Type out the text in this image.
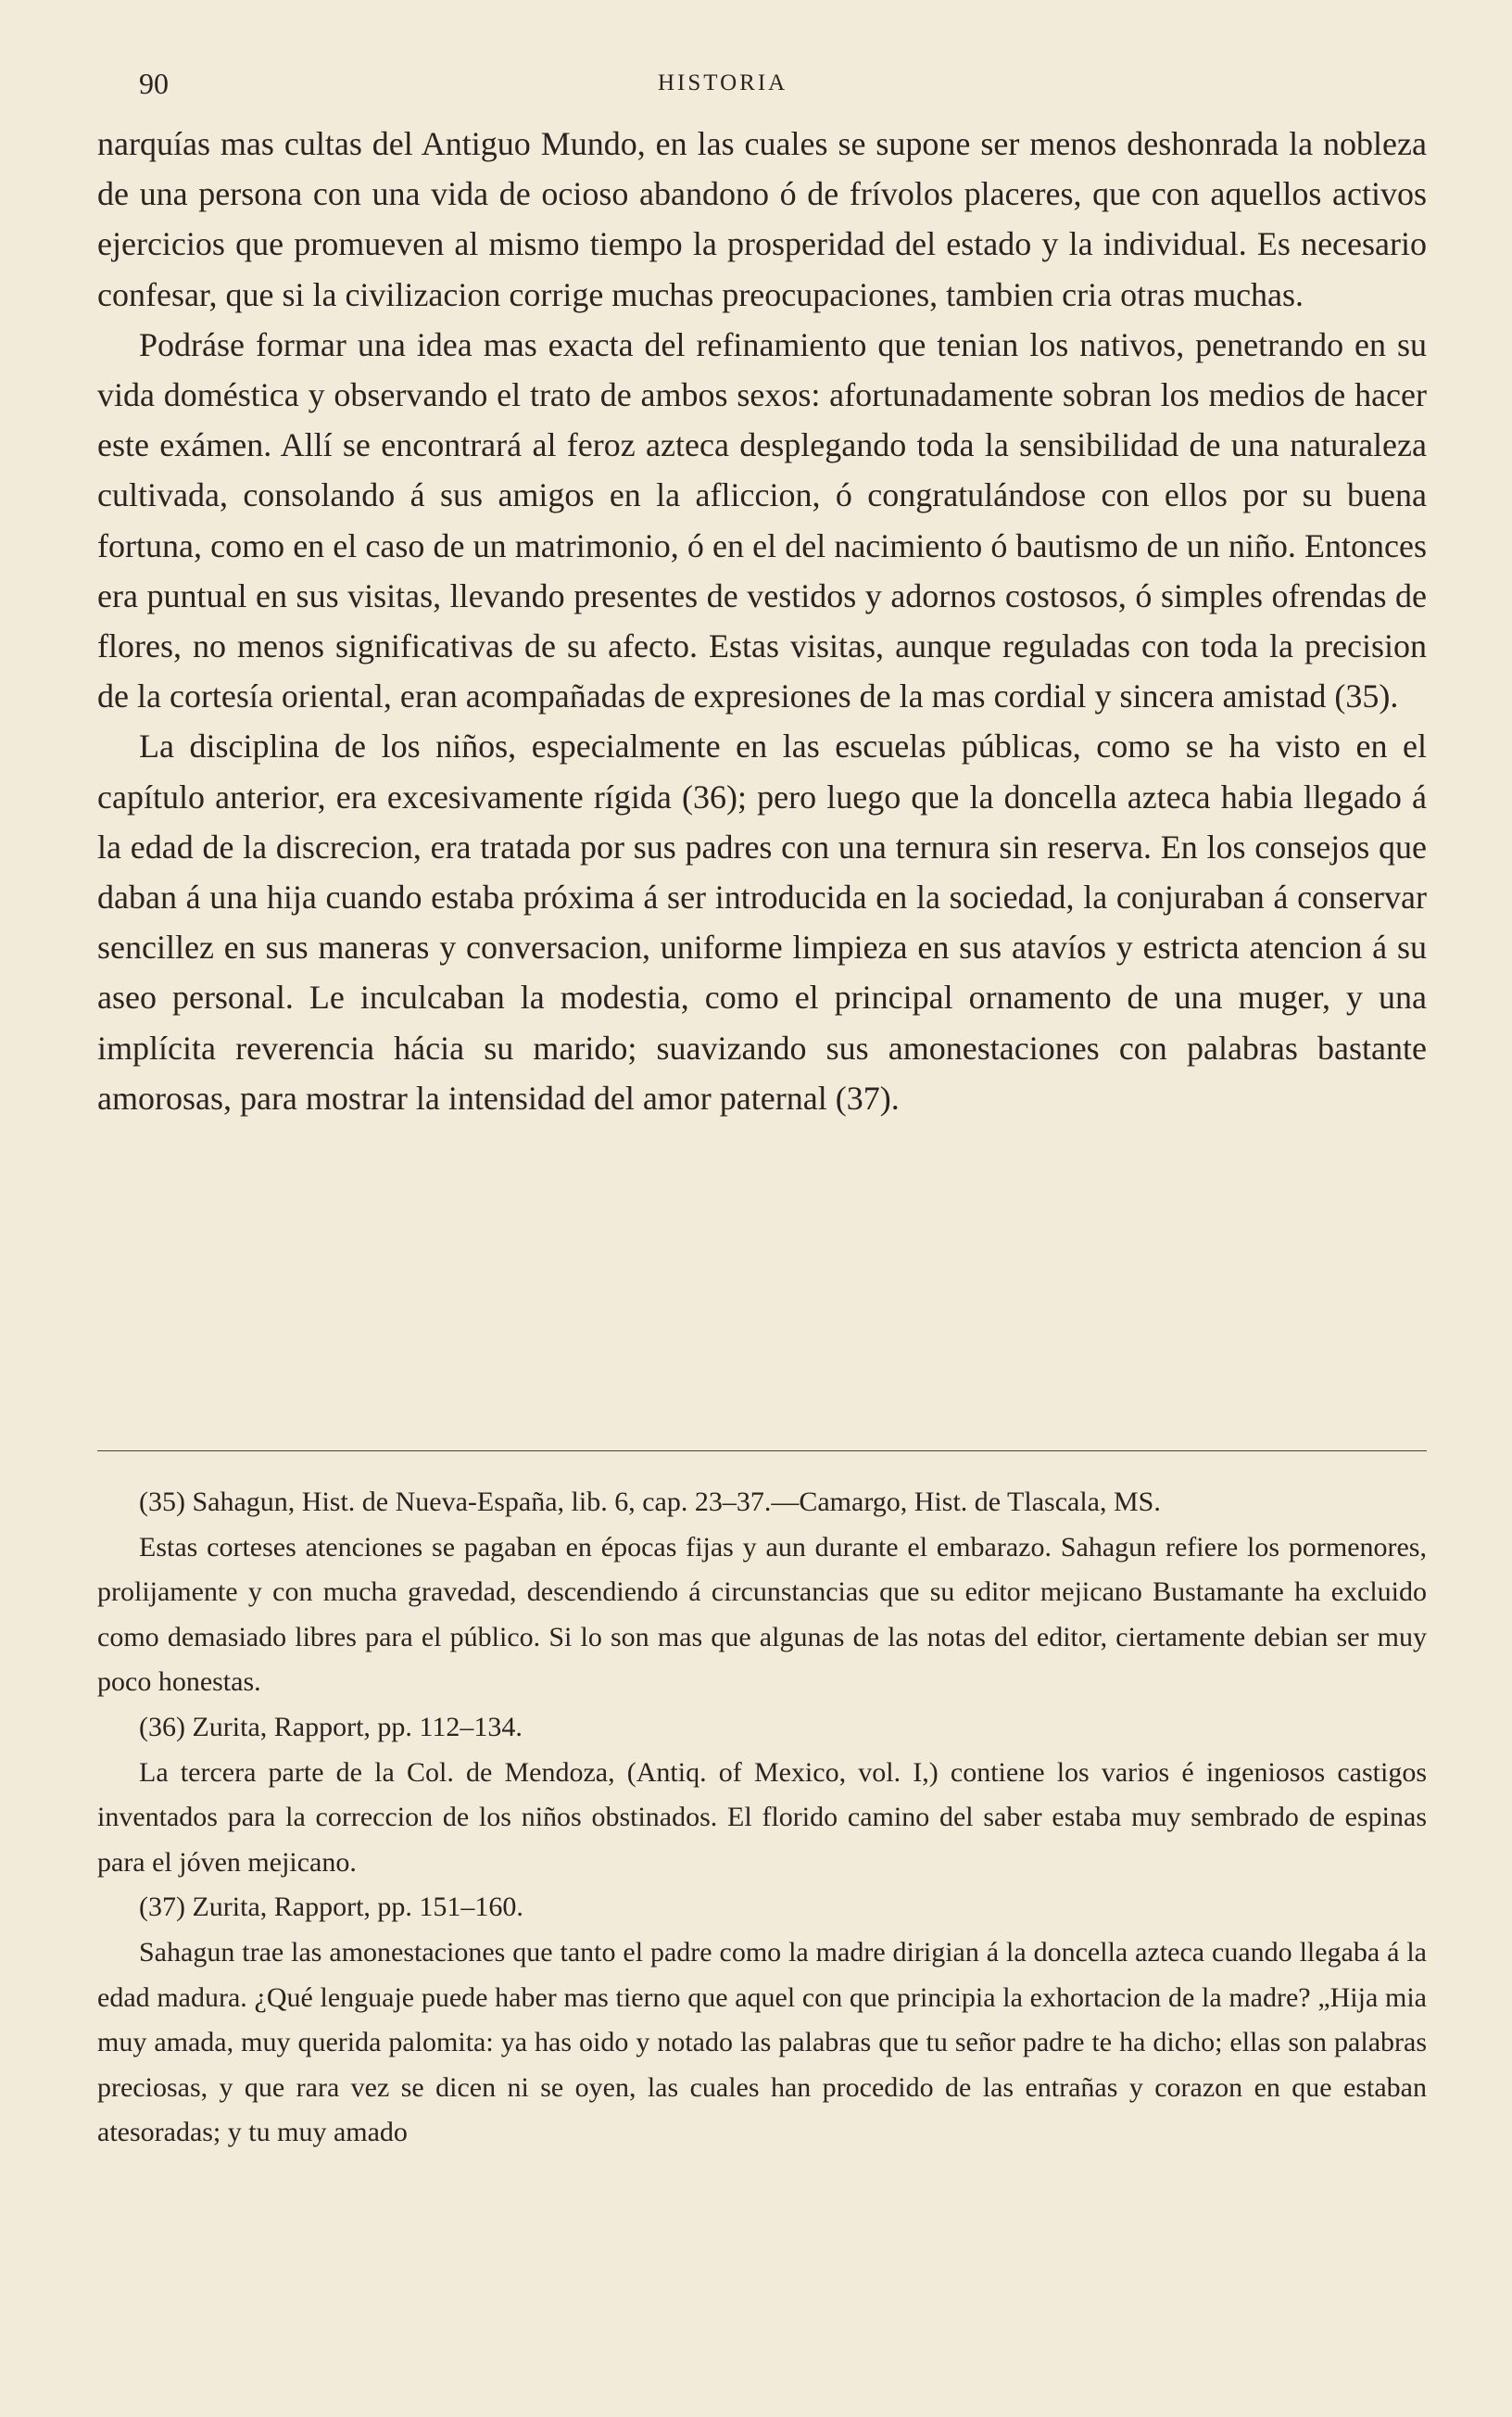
90	HISTORIA

narquías mas cultas del Antiguo Mundo, en las cuales se supone ser menos deshonrada la nobleza de una persona con una vida de ocioso abandono ó de frívolos placeres, que con aquellos activos ejercicios que promueven al mismo tiempo la prosperidad del estado y la individual. Es necesario confesar, que si la civilizacion corrige muchas preocupaciones, tambien cria otras muchas.

Podráse formar una idea mas exacta del refinamiento que tenian los nativos, penetrando en su vida doméstica y observando el trato de ambos sexos: afortunadamente sobran los medios de hacer este exámen. Allí se encontrará al feroz azteca desplegando toda la sensibilidad de una naturaleza cultivada, consolando á sus amigos en la afliccion, ó congratulándose con ellos por su buena fortuna, como en el caso de un matrimonio, ó en el del nacimiento ó bautismo de un niño. Entonces era puntual en sus visitas, llevando presentes de vestidos y adornos costosos, ó simples ofrendas de flores, no menos significativas de su afecto. Estas visitas, aunque reguladas con toda la precision de la cortesía oriental, eran acompañadas de expresiones de la mas cordial y sincera amistad (35).

La disciplina de los niños, especialmente en las escuelas públicas, como se ha visto en el capítulo anterior, era excesivamente rígida (36); pero luego que la doncella azteca habia llegado á la edad de la discrecion, era tratada por sus padres con una ternura sin reserva. En los consejos que daban á una hija cuando estaba próxima á ser introducida en la sociedad, la conjuraban á conservar sencillez en sus maneras y conversacion, uniforme limpieza en sus atavíos y estricta atencion á su aseo personal. Le inculcaban la modestia, como el principal ornamento de una muger, y una implícita reverencia hácia su marido; suavizando sus amonestaciones con palabras bastante amorosas, para mostrar la intensidad del amor paternal (37).

(35) Sahagun, Hist. de Nueva-España, lib. 6, cap. 23–37.—Camargo, Hist. de Tlascala, MS.

Estas corteses atenciones se pagaban en épocas fijas y aun durante el embarazo. Sahagun refiere los pormenores, prolijamente y con mucha gravedad, descendiendo á circunstancias que su editor mejicano Bustamante ha excluido como demasiado libres para el público. Si lo son mas que algunas de las notas del editor, ciertamente debian ser muy poco honestas.

(36) Zurita, Rapport, pp. 112–134.

La tercera parte de la Col. de Mendoza, (Antiq. of Mexico, vol. I,) contiene los varios é ingeniosos castigos inventados para la correccion de los niños obstinados. El florido camino del saber estaba muy sembrado de espinas para el jóven mejicano.

(37) Zurita, Rapport, pp. 151–160.

Sahagun trae las amonestaciones que tanto el padre como la madre dirigian á la doncella azteca cuando llegaba á la edad madura. ¿Qué lenguaje puede haber mas tierno que aquel con que principia la exhortacion de la madre? „Hija mia muy amada, muy querida palomita: ya has oido y notado las palabras que tu señor padre te ha dicho; ellas son palabras preciosas, y que rara vez se dicen ni se oyen, las cuales han procedido de las entrañas y corazon en que estaban atesoradas; y tu muy amado
